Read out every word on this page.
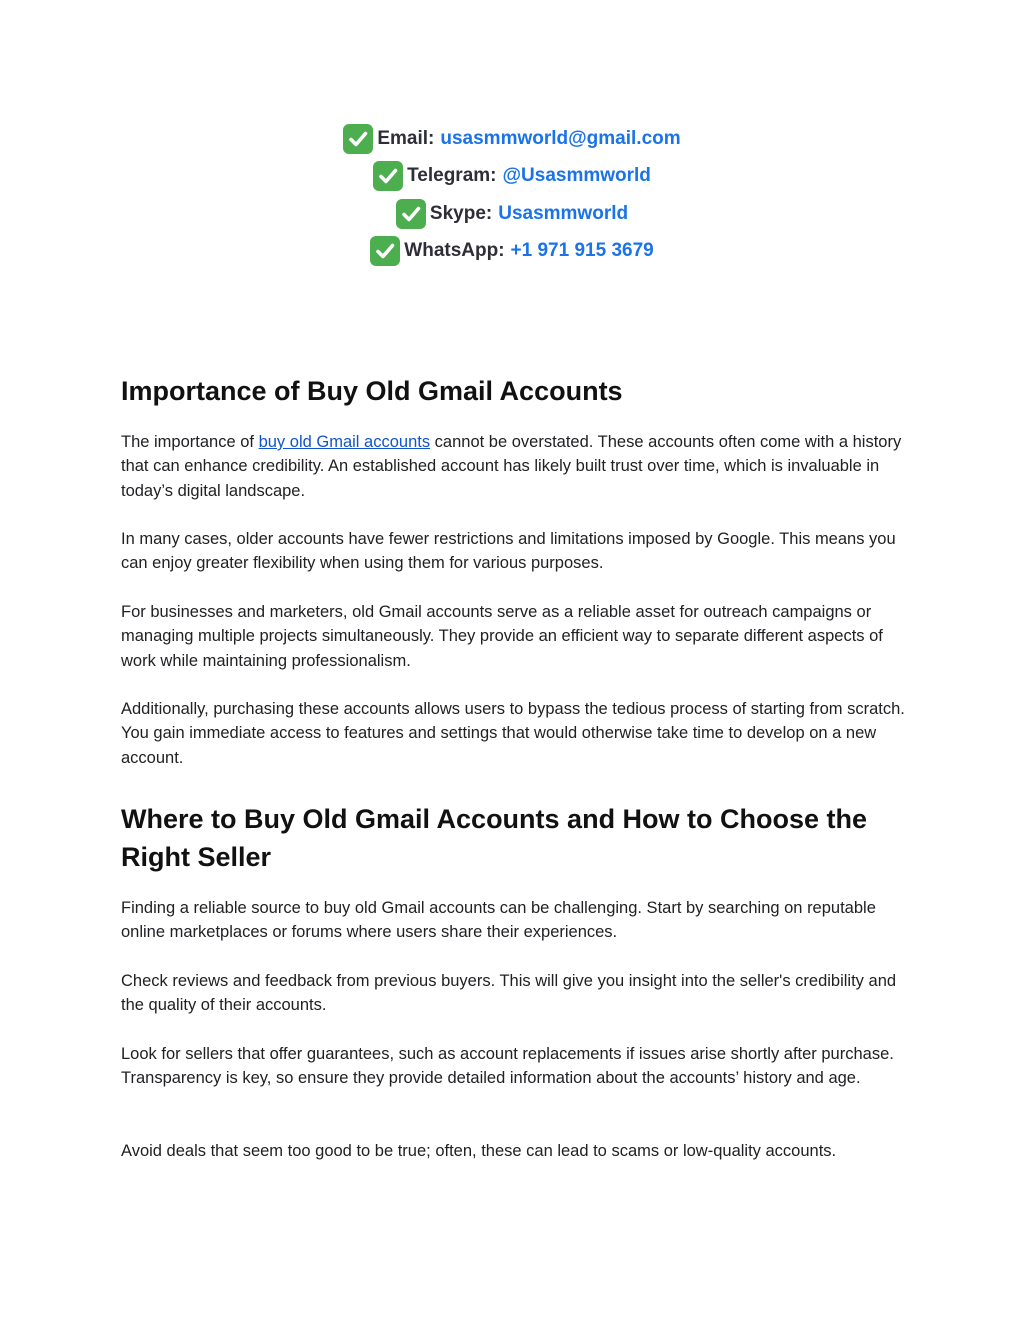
Email: usasmmworld@gmail.com
Telegram: @Usasmmworld
Skype: Usasmmworld
WhatsApp: +1 971 915 3679
Importance of Buy Old Gmail Accounts

The importance of buy old Gmail accounts cannot be overstated. These accounts often come with a history that can enhance credibility. An established account has likely built trust over time, which is invaluable in today’s digital landscape.

In many cases, older accounts have fewer restrictions and limitations imposed by Google. This means you can enjoy greater flexibility when using them for various purposes.

For businesses and marketers, old Gmail accounts serve as a reliable asset for outreach campaigns or managing multiple projects simultaneously. They provide an efficient way to separate different aspects of work while maintaining professionalism.

Additionally, purchasing these accounts allows users to bypass the tedious process of starting from scratch. You gain immediate access to features and settings that would otherwise take time to develop on a new account.

Where to Buy Old Gmail Accounts and How to Choose the Right Seller

Finding a reliable source to buy old Gmail accounts can be challenging. Start by searching on reputable online marketplaces or forums where users share their experiences.

Check reviews and feedback from previous buyers. This will give you insight into the seller's credibility and the quality of their accounts.

Look for sellers that offer guarantees, such as account replacements if issues arise shortly after purchase. Transparency is key, so ensure they provide detailed information about the accounts’ history and age.

Avoid deals that seem too good to be true; often, these can lead to scams or low-quality accounts.
